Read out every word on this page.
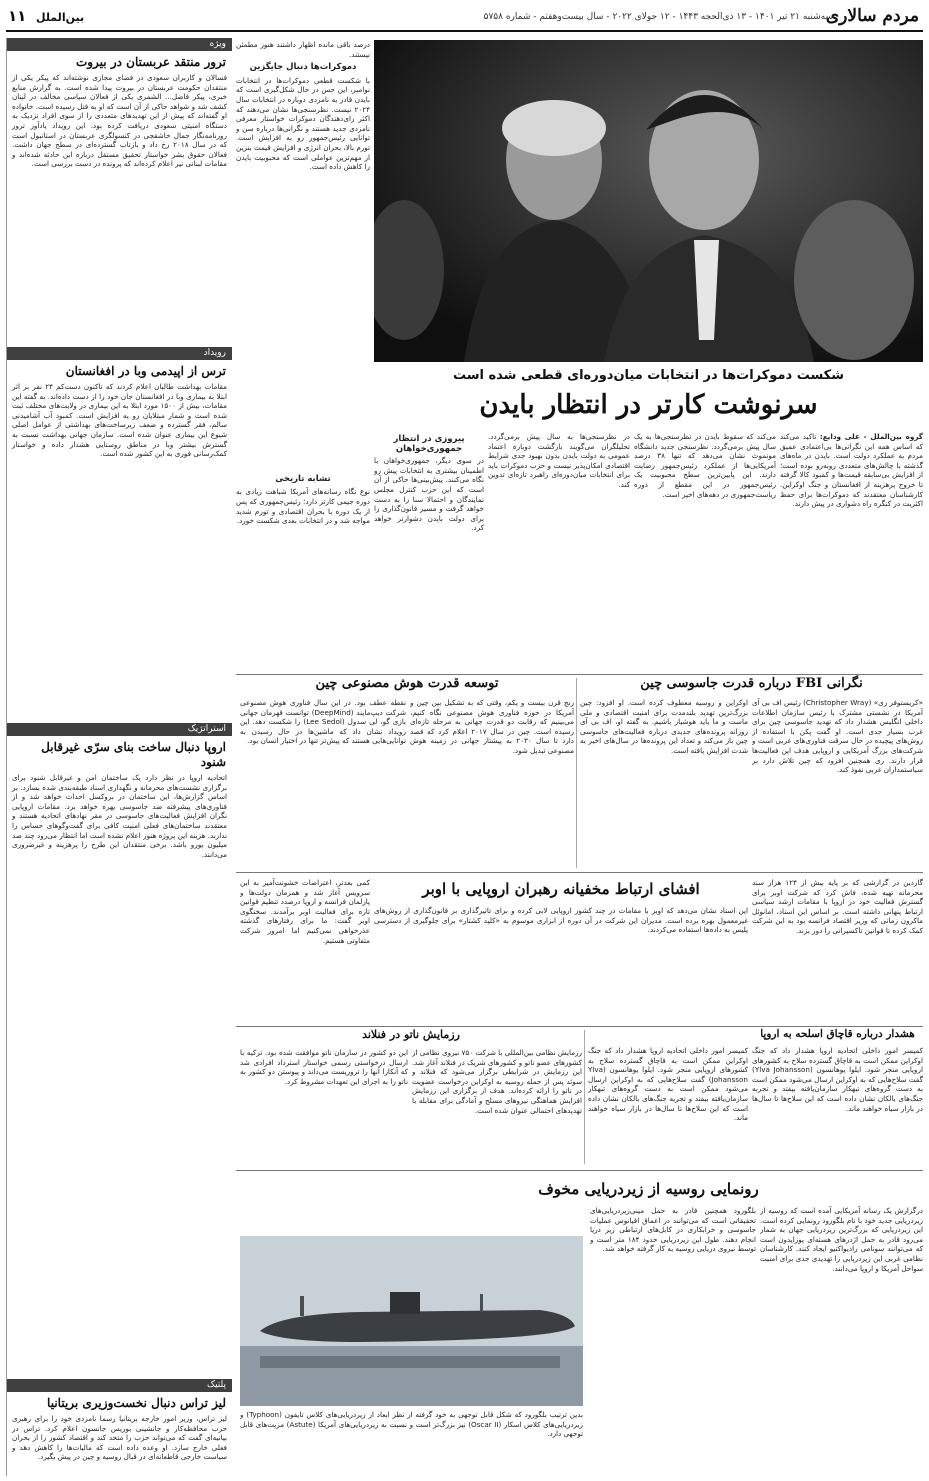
مردم سالاری
سه‌شنبه ۲۱ تیر ۱۴۰۱ - ۱۳ ذی‌الحجه ۱۴۴۳ - ۱۲ جولای ۲۰۲۲ - سال بیست‌وهفتم - شماره ۵۷۵۸
بین‌الملل
۱۱
ویژه
ترور منتقد عربستان در بیروت
فسالان و کاربران سعودی در فضای مجازی نوشته‌اند که پیکر یکی از منتقدان حکومت عربستان در بیروت پیدا شده است. به گزارش منابع خبری، پیکر فاضل... الشمری یکی از فعالان سیاسی مخالف در لبنان کشف شد و شواهد حاکی از آن است که او به قتل رسیده است. خانواده او گفته‌اند که پیش از این تهدیدهای متعددی را از سوی افراد نزدیک به دستگاه امنیتی سعودی دریافت کرده بود. این رویداد یادآور ترور روزنامه‌نگار جمال خاشقجی در کنسولگری عربستان در استانبول است که در سال ۲۰۱۸ رخ داد و بازتاب گسترده‌ای در سطح جهان داشت. فعالان حقوق بشر خواستار تحقیق مستقل درباره این حادثه شده‌اند و مقامات لبنانی نیز اعلام کرده‌اند که پرونده در دست بررسی است.
رویداد
ترس از اپیدمی وبا در افغانستان
مقامات بهداشت طالبان اعلام کردند که تاکنون دست‌کم ۲۴ نفر بر اثر ابتلا به بیماری وبا در افغانستان جان خود را از دست داده‌اند. به گفته این مقامات، بیش از ۱۵۰۰ مورد ابتلا به این بیماری در ولایت‌های مختلف ثبت شده است و شمار مبتلایان رو به افزایش است. کمبود آب آشامیدنی سالم، فقر گسترده و ضعف زیرساخت‌های بهداشتی از عوامل اصلی شیوع این بیماری عنوان شده است. سازمان جهانی بهداشت نسبت به گسترش بیشتر وبا در مناطق روستایی هشدار داده و خواستار کمک‌رسانی فوری به این کشور شده است.
استراتژیک
اروپا دنبال ساخت بنای سرّی غیرقابل شنود
اتحادیه اروپا در نظر دارد یک ساختمان امن و غیرقابل شنود برای برگزاری نشست‌های محرمانه و نگهداری اسناد طبقه‌بندی شده بسازد. بر اساس گزارش‌ها، این ساختمان در بروکسل احداث خواهد شد و از فناوری‌های پیشرفته ضد جاسوسی بهره خواهد برد. مقامات اروپایی نگران افزایش فعالیت‌های جاسوسی در مقر نهادهای اتحادیه هستند و معتقدند ساختمان‌های فعلی امنیت کافی برای گفت‌وگوهای حساس را ندارند. هزینه این پروژه هنوز اعلام نشده است اما انتظار می‌رود چند صد میلیون یورو باشد. برخی منتقدان این طرح را پرهزینه و غیرضروری می‌دانند.
پلتیک
لیز تراس دنبال نخست‌وزیری بریتانیا
لیز تراس، وزیر امور خارجه بریتانیا رسما نامزدی خود را برای رهبری حزب محافظه‌کار و جانشینی بوریس جانسون اعلام کرد. تراس در بیانیه‌ای گفت که می‌تواند حزب را متحد کند و اقتصاد کشور را از بحران فعلی خارج سازد. او وعده داده است که مالیات‌ها را کاهش دهد و سیاست خارجی قاطعانه‌ای در قبال روسیه و چین در پیش بگیرد.
درصد باقی مانده اظهار داشتند هنوز مطمئن نیستند.
دموکرات‌ها دنبال جایگزین
با شکست قطعی دموکرات‌ها در انتخابات نوامبر، این حس در حال شکل‌گیری است که بایدن قادر به نامزدی دوباره در انتخابات سال ۲۰۲۴ نیست. نظرسنجی‌ها نشان می‌دهند که اکثر رای‌دهندگان دموکرات خواستار معرفی نامزدی جدید هستند و نگرانی‌ها درباره سن و توانایی رئیس‌جمهور رو به افزایش است. تورم بالا، بحران انرژی و افزایش قیمت بنزین از مهم‌ترین عواملی است که محبوبیت بایدن را کاهش داده است.
تشابه تاریخی
نوع نگاه رسانه‌های آمریکا شباهت زیادی به دوره جیمی کارتر دارد؛ رئیس‌جمهوری که پس از یک دوره با بحران اقتصادی و تورم شدید مواجه شد و در انتخابات بعدی شکست خورد.
شکست دموکرات‌ها در انتخابات میان‌دوره‌ای قطعی شده است
سرنوشت کارتر در انتظار بایدن
گروه بین‌الملل - علی ودایع: تاکید می‌کند که اساس همه این نگرانی‌ها بی‌اعتمادی عمیق مردم به عملکرد دولت است. بایدن در ماه‌های گذشته با چالش‌های متعددی روبه‌رو بوده است؛ از افزایش بی‌سابقه قیمت‌ها و کمبود کالا گرفته تا خروج پرهزینه از افغانستان و جنگ اوکراین. کارشناسان معتقدند که دموکرات‌ها برای حفظ اکثریت در کنگره راه دشواری در پیش دارند.
می‌کند که سقوط بایدن در نظرسنجی‌ها به یک سال پیش برمی‌گردد. نظرسنجی جدید دانشگاه مونموث نشان می‌دهد که تنها ۳۸ درصد آمریکایی‌ها از عملکرد رئیس‌جمهور رضایت دارند. این پایین‌ترین سطح محبوبیت یک رئیس‌جمهور در این مقطع از دوره ریاست‌جمهوری در دهه‌های اخیر است.
در نظرسنجی‌ها به سال پیش برمی‌گردد. تحلیلگران می‌گویند بازگشت دوباره اعتماد عمومی به دولت بایدن بدون بهبود جدی شرایط اقتصادی امکان‌پذیر نیست و حزب دموکرات باید برای انتخابات میان‌دوره‌ای راهبرد تازه‌ای تدوین کند.
پیروزی در انتظار جمهوری‌خواهان
در سوی دیگر، جمهوری‌خواهان با اطمینان بیشتری به انتخابات پیش رو نگاه می‌کنند. پیش‌بینی‌ها حاکی از آن است که این حزب کنترل مجلس نمایندگان و احتمالا سنا را به دست خواهد گرفت و مسیر قانون‌گذاری را برای دولت بایدن دشوارتر خواهد کرد.
نگرانی FBI درباره قدرت جاسوسی چین
«کریستوفر ری» (Christopher Wray) رئیس اف بی آی آمریکا در نشستی مشترک با رئیس سازمان اطلاعات داخلی انگلیس هشدار داد که تهدید جاسوسی چین برای غرب بسیار جدی است. او گفت پکن با استفاده از روش‌های پیچیده در حال سرقت فناوری‌های غربی است و شرکت‌های بزرگ آمریکایی و اروپایی هدف این فعالیت‌ها قرار دارند. ری همچنین افزود که چین تلاش دارد بر سیاستمداران غربی نفوذ کند.
اوکراین و روسیه معطوف کرده است. او افزود: چین بزرگ‌ترین تهدید بلندمدت برای امنیت اقتصادی و ملی ماست و ما باید هوشیار باشیم. به گفته او، اف بی آی روزانه پرونده‌های جدیدی درباره فعالیت‌های جاسوسی چین باز می‌کند و تعداد این پرونده‌ها در سال‌های اخیر به شدت افزایش یافته است.
توسعه قدرت هوش مصنوعی چین
رنج قرن بیست و یکم، وقتی که به تشکیل بین چین و آمریکا در حوزه فناوری هوش مصنوعی نگاه کنیم، می‌بینیم که رقابت دو قدرت جهانی به مرحله تازه‌ای رسیده است. چین در سال ۲۰۱۷ اعلام کرد که قصد دارد تا سال ۲۰۳۰ به پیشتاز جهانی در زمینه هوش مصنوعی تبدیل شود.
نقطه عطف بود. در این سال فناوری هوش مصنوعی شرکت دیپ‌مایند (DeepMind) توانست قهرمان جهانی بازی گو، لی سدول (Lee Sedol) را شکست دهد. این رویداد نشان داد که ماشین‌ها در حال رسیدن به توانایی‌هایی هستند که پیش‌تر تنها در اختیار انسان بود.
گاردین در گزارشی که بر پایه بیش از ۱۲۴ هزار سند محرمانه تهیه شده، فاش کرد که شرکت اوبر برای گسترش فعالیت خود در اروپا با مقامات ارشد سیاسی ارتباط پنهانی داشته است. بر اساس این اسناد، امانوئل ماکرون زمانی که وزیر اقتصاد فرانسه بود به این شرکت کمک کرده تا قوانین تاکسیرانی را دور بزند.
افشای ارتباط مخفیانه رهبران اروپایی با اوبر
این اسناد نشان می‌دهد که اوبر با مقامات در چند کشور اروپایی لابی کرده و برای تاثیرگذاری بر قانون‌گذاری از روش‌های غیرمعمول بهره برده است. مدیران این شرکت در آن دوره از ابزاری موسوم به «کلید کشتار» برای جلوگیری از دسترسی پلیس به داده‌ها استفاده می‌کردند.
کمی بعدتر، اعتراضات خشونت‌آمیز به این سرویس آغاز شد و همزمان دولت‌ها و پارلمان فرانسه و اروپا درصدد تنظیم قوانین تازه برای فعالیت اوبر برآمدند. سخنگوی اوبر گفت: ما برای رفتارهای گذشته عذرخواهی نمی‌کنیم اما امروز شرکت متفاوتی هستیم.
هشدار درباره قاچاق اسلحه به اروپا
کمیسر امور داخلی اتحادیه اروپا هشدار داد که جنگ اوکراین ممکن است به قاچاق گسترده سلاح به کشورهای اروپایی منجر شود. ایلوا یوهانسون (Ylva Johansson) گفت سلاح‌هایی که به اوکراین ارسال می‌شود ممکن است به دست گروه‌های تبهکار سازمان‌یافته بیفتد و تجربه جنگ‌های بالکان نشان داده است که این سلاح‌ها تا سال‌ها در بازار سیاه خواهند ماند.
کمیسر امور داخلی اتحادیه اروپا هشدار داد که جنگ اوکراین ممکن است به قاچاق گسترده سلاح به کشورهای اروپایی منجر شود. ایلوا یوهانسون (Ylva Johansson) گفت سلاح‌هایی که به اوکراین ارسال می‌شود ممکن است به دست گروه‌های تبهکار سازمان‌یافته بیفتد و تجربه جنگ‌های بالکان نشان داده است که این سلاح‌ها تا سال‌ها در بازار سیاه خواهند ماند.
رزمایش ناتو در فنلاند
رزمایش نظامی بین‌المللی با شرکت ۷۵۰ نیروی نظامی از کشورهای عضو ناتو و کشورهای شریک در فنلاند آغاز شد. این رزمایش در شرایطی برگزار می‌شود که فنلاند و سوئد پس از حمله روسیه به اوکراین درخواست عضویت در ناتو را ارائه کرده‌اند. هدف از برگزاری این رزمایش افزایش هماهنگی نیروهای مسلح و آمادگی برای مقابله با تهدیدهای احتمالی عنوان شده است.
این دو کشور در سازمان ناتو موافقت شده بود. ترکیه با ارسال درخواستی رسمی خواستار استرداد افرادی شد که آنکارا آنها را تروریست می‌داند و پیوستن دو کشور به ناتو را به اجرای این تعهدات مشروط کرد.
رونمایی روسیه از زیردریایی مخوف
درگزارش یک رسانه آمریکایی آمده است که روسیه از زیردریایی جدید خود با نام بلگورود رونمایی کرده است. این زیردریایی که بزرگ‌ترین زیردریایی جهان به شمار می‌رود قادر به حمل اژدرهای هسته‌ای پوزایدون است که می‌توانند سونامی رادیواکتیو ایجاد کنند. کارشناسان نظامی غربی این زیردریایی را تهدیدی جدی برای امنیت سواحل آمریکا و اروپا می‌دانند.
بلگورود همچنین قادر به حمل مینی‌زیردریایی‌های تحقیقاتی است که می‌توانند در اعماق اقیانوس عملیات جاسوسی و خرابکاری در کابل‌های ارتباطی زیر دریا انجام دهند. طول این زیردریایی حدود ۱۸۴ متر است و توسط نیروی دریایی روسیه به کار گرفته خواهد شد.
بدین ترتیب بلگورود که شکل قابل توجهی به خود گرفته از نظر ابعاد از زیردریایی‌های کلاس تایفون (Typhoon) و زیردریایی‌های کلاس اسکار (Oscar II) نیز بزرگ‌تر است و نسبت به زیردریایی‌های آمریکا (Astute) مزیت‌های قابل توجهی دارد.
